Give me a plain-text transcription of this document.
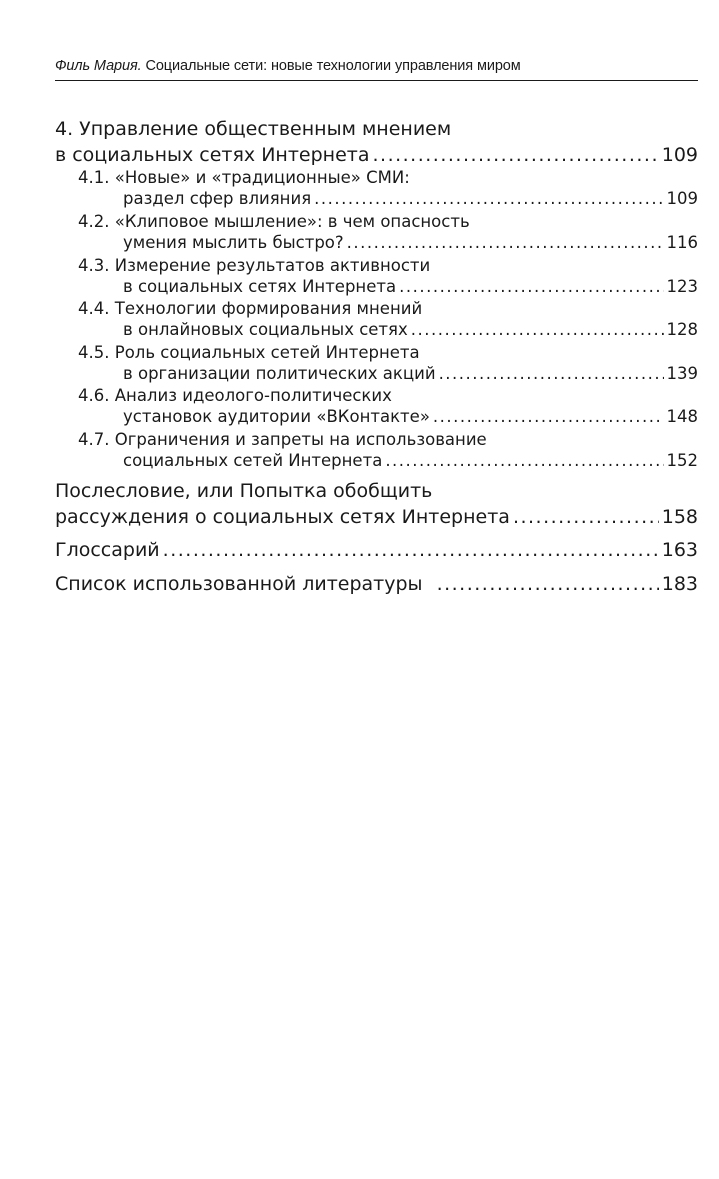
Филь Мария. Социальные сети: новые технологии управления миром
4. Управление общественным мнением
в социальных сетях Интернета .....	109
4.1. «Новые» и «традиционные» СМИ:
раздел сфер влияния .....	109
4.2. «Клиповое мышление»: в чем опасность
умения мыслить быстро? .....	116
4.3. Измерение результатов активности
в социальных сетях Интернета .....	123
4.4. Технологии формирования мнений
в онлайновых социальных сетях .....	128
4.5. Роль социальных сетей Интернета
в организации политических акций .....	139
4.6. Анализ идеолого-политических
установок аудитории «ВКонтакте» .....	148
4.7. Ограничения и запреты на использование
социальных сетей Интернета .....	152
Послесловие, или Попытка обобщить
рассуждения о социальных сетях Интернета .....	158
Глоссарий .....	163
Список использованной литературы .....	183
